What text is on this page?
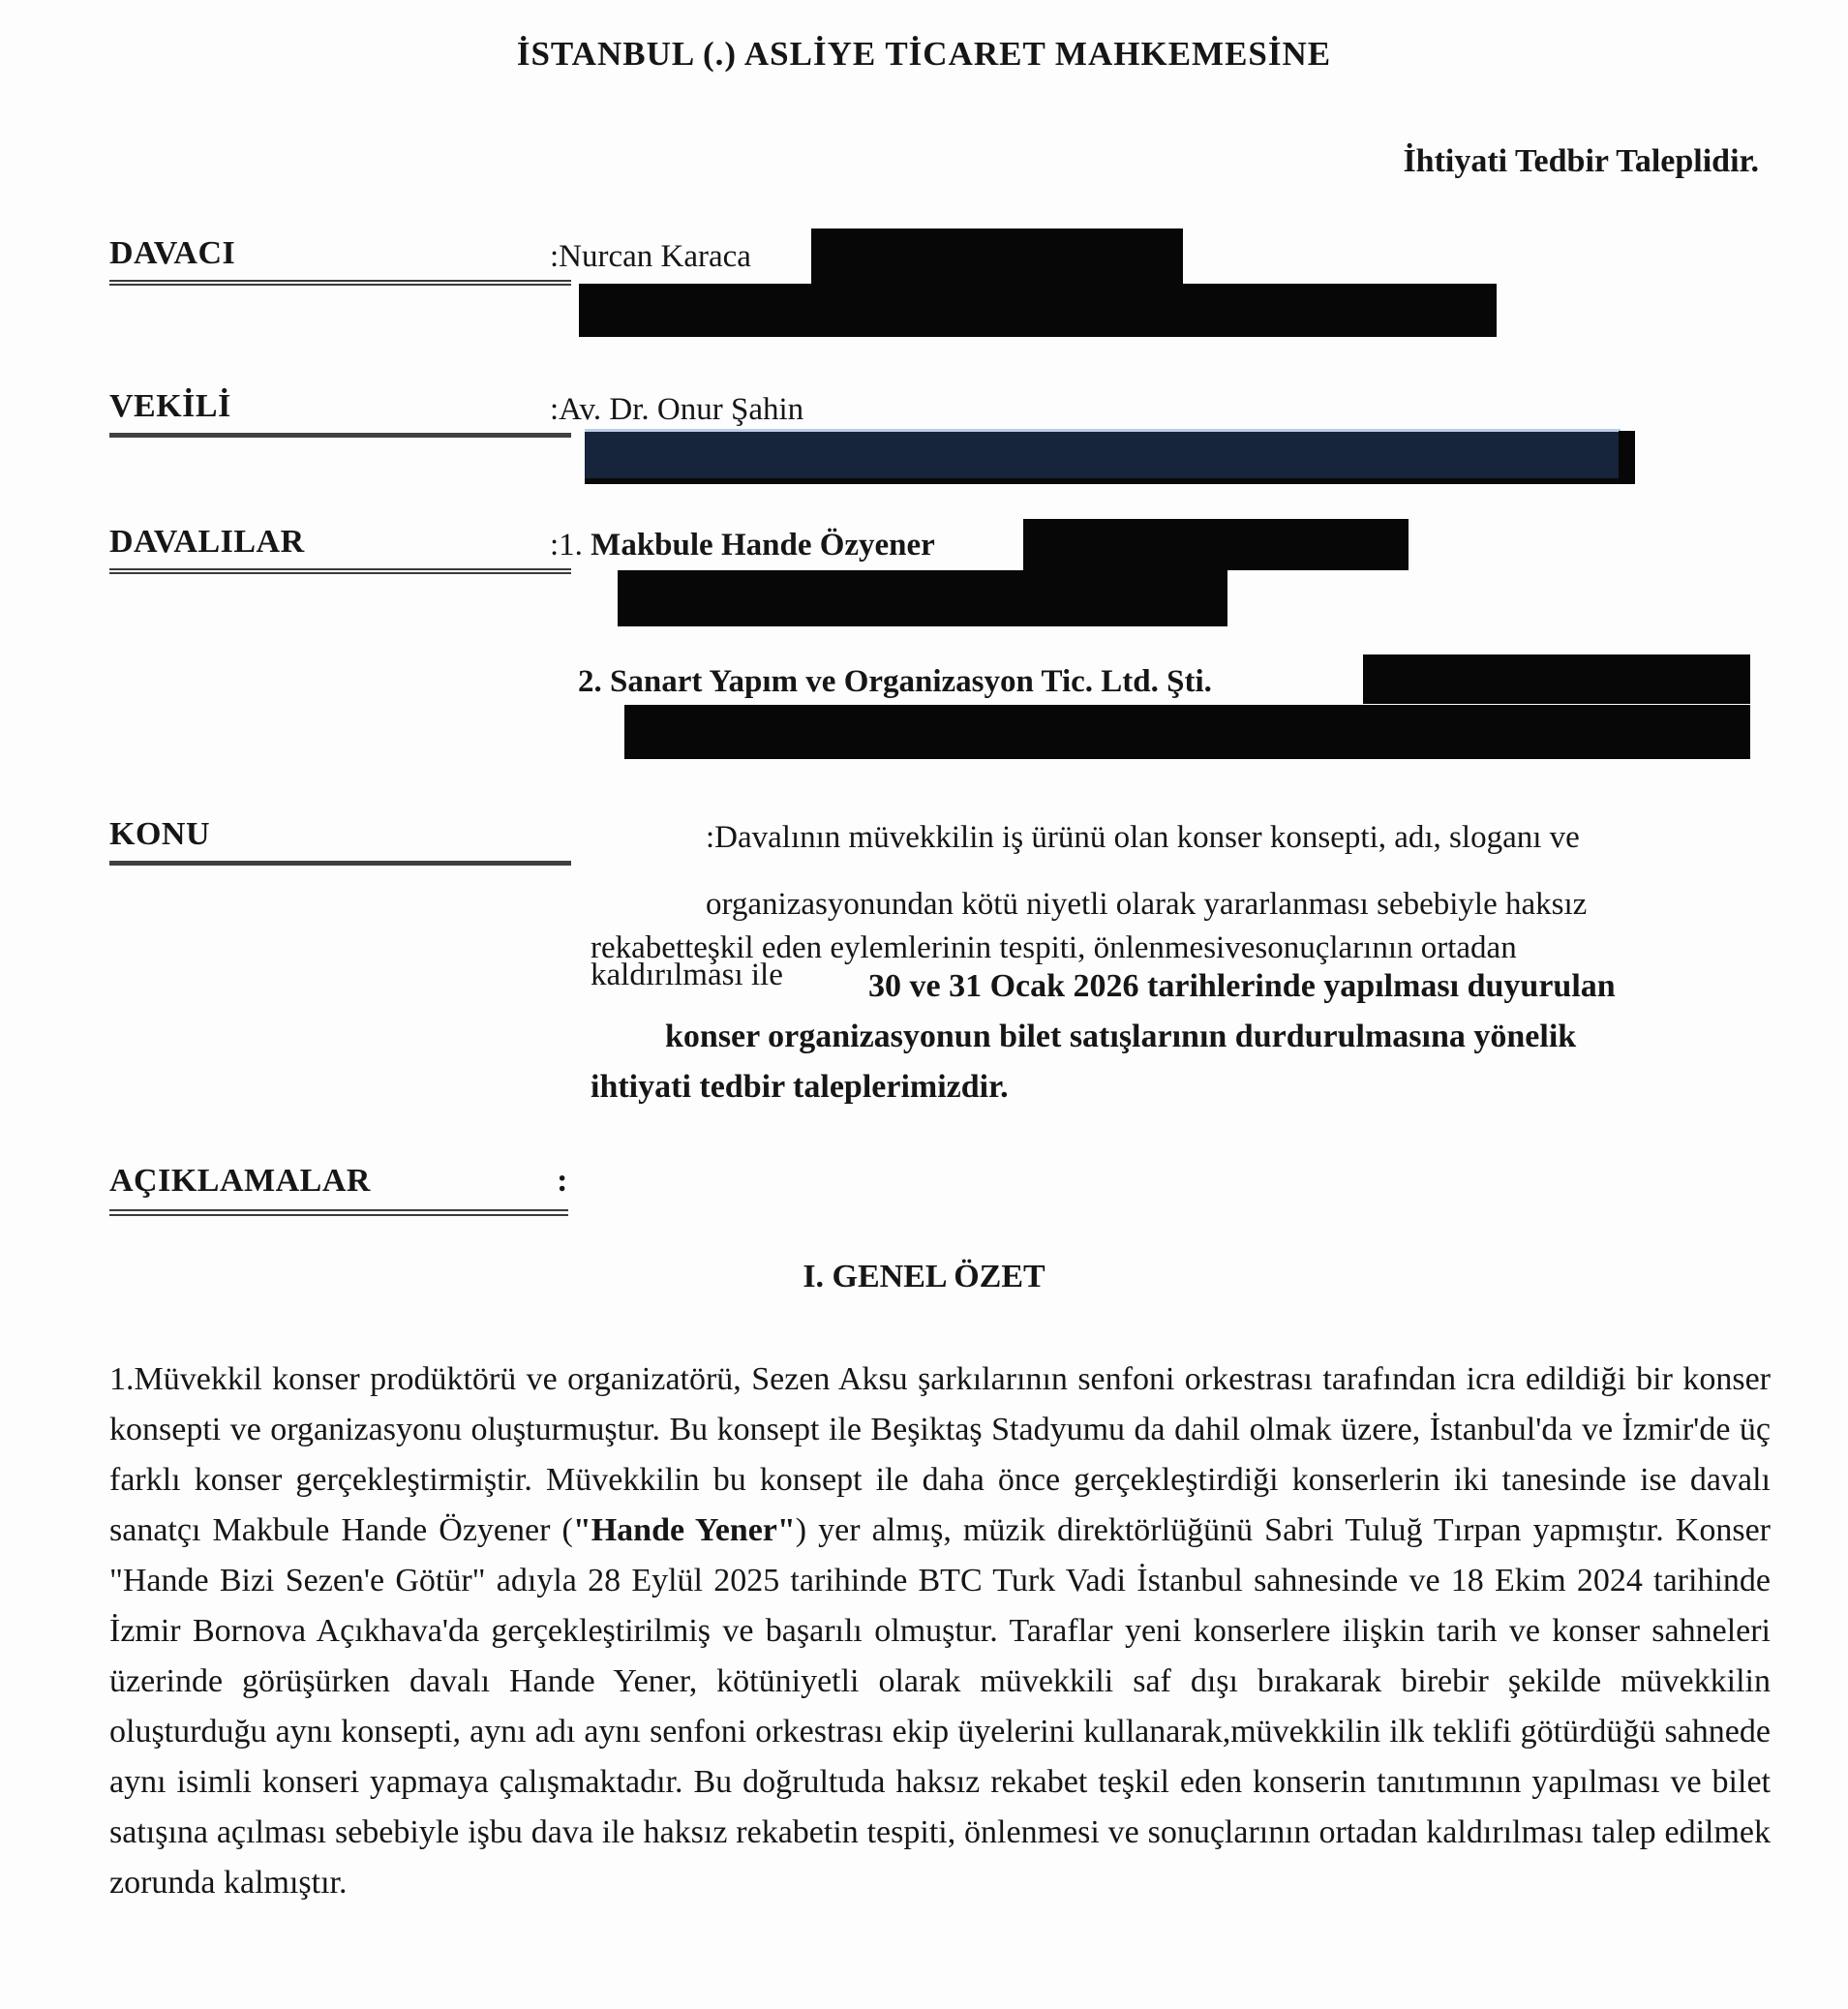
İSTANBUL (.) ASLİYE TİCARET MAHKEMESİNE
İhtiyati Tedbir Taleplidir.
DAVACI	:Nurcan Karaca
VEKİLİ	:Av. Dr. Onur Şahin
DAVALILAR	:1. Makbule Hande Özyener
2. Sanart Yapım ve Organizasyon Tic. Ltd. Şti.
KONU	:Davalının müvekkilin iş ürünü olan konser konsepti, adı, sloganı ve
organizasyonundan kötü niyetli olarak yararlanması sebebiyle haksız
rekabetteşkil eden eylemlerinin tespiti, önlenmesivesonuçlarının ortadan
kaldırılması ile	30 ve 31 Ocak 2026 tarihlerinde yapılması duyurulan
konser organizasyonun bilet satışlarının durdurulmasına yönelik
ihtiyati tedbir taleplerimizdir.
AÇIKLAMALAR	:
I. GENEL ÖZET
1.Müvekkil konser prodüktörü ve organizatörü, Sezen Aksu şarkılarının senfoni orkestrası tarafından icra edildiği bir konser konsepti ve organizasyonu oluşturmuştur. Bu konsept ile Beşiktaş Stadyumu da dahil olmak üzere, İstanbul'da ve İzmir'de üç farklı konser gerçekleştirmiştir. Müvekkilin bu konsept ile daha önce gerçekleştirdiği konserlerin iki tanesinde ise davalı sanatçı Makbule Hande Özyener ("Hande Yener") yer almış, müzik direktörlüğünü Sabri Tuluğ Tırpan yapmıştır. Konser "Hande Bizi Sezen'e Götür" adıyla 28 Eylül 2025 tarihinde BTC Turk Vadi İstanbul sahnesinde ve 18 Ekim 2024 tarihinde İzmir Bornova Açıkhava'da gerçekleştirilmiş ve başarılı olmuştur. Taraflar yeni konserlere ilişkin tarih ve konser sahneleri üzerinde görüşürken davalı Hande Yener, kötüniyetli olarak müvekkili saf dışı bırakarak birebir şekilde müvekkilin oluşturduğu aynı konsepti, aynı adı aynı senfoni orkestrası ekip üyelerini kullanarak,müvekkilin ilk teklifi götürdüğü sahnede aynı isimli konseri yapmaya çalışmaktadır. Bu doğrultuda haksız rekabet teşkil eden konserin tanıtımının yapılması ve bilet satışına açılması sebebiyle işbu dava ile haksız rekabetin tespiti, önlenmesi ve sonuçlarının ortadan kaldırılması talep edilmek zorunda kalmıştır.
